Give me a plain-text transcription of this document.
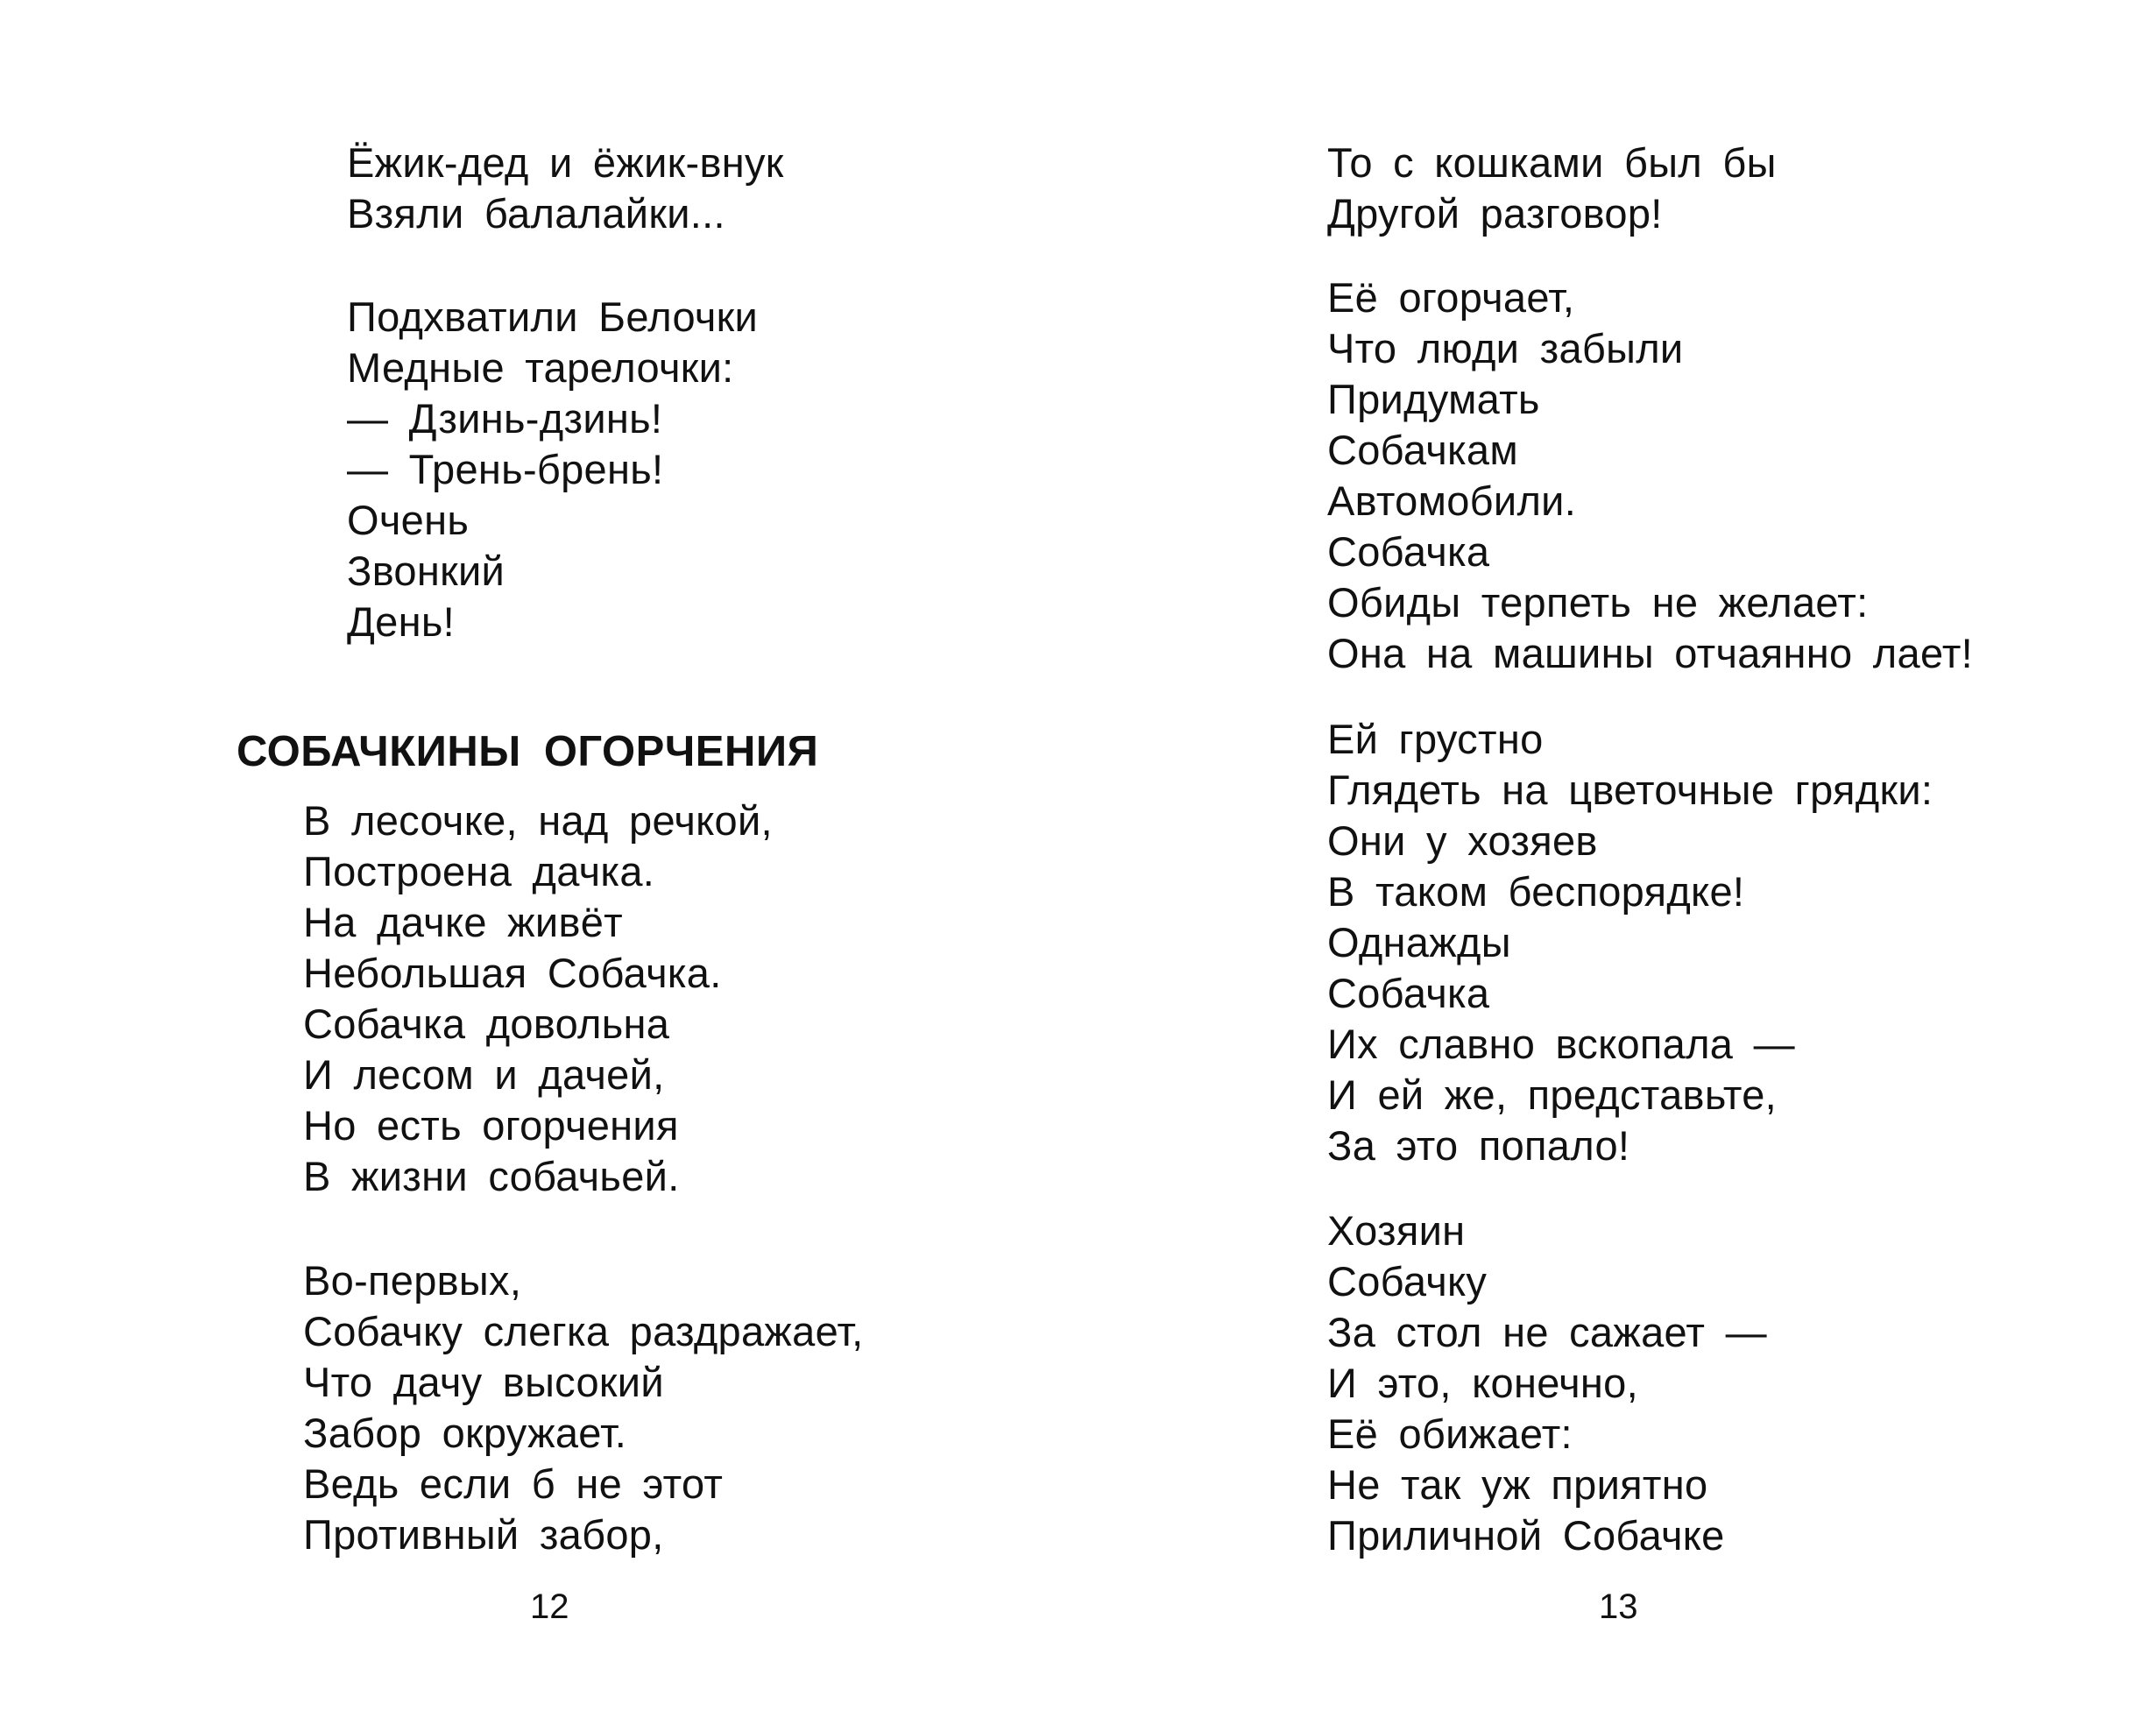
Ёжик-дед и ёжик-внук
Взяли балалайки...
Подхватили Белочки
Медные тарелочки:
— Дзинь-дзинь!
— Трень-брень!
Очень
Звонкий
День!
СОБАЧКИНЫ ОГОРЧЕНИЯ
В лесочке, над речкой,
Построена дачка.
На дачке живёт
Небольшая Собачка.
Собачка довольна
И лесом и дачей,
Но есть огорчения
В жизни собачьей.
Во-первых,
Собачку слегка раздражает,
Что дачу высокий
Забор окружает.
Ведь если б не этот
Противный забор,
12
То с кошками был бы
Другой разговор!
Её огорчает,
Что люди забыли
Придумать
Собачкам
Автомобили.
Собачка
Обиды терпеть не желает:
Она на машины отчаянно лает!
Ей грустно
Глядеть на цветочные грядки:
Они у хозяев
В таком беспорядке!
Однажды
Собачка
Их славно вскопала —
И ей же, представьте,
За это попало!
Хозяин
Собачку
За стол не сажает —
И это, конечно,
Её обижает:
Не так уж приятно
Приличной Собачке
13
